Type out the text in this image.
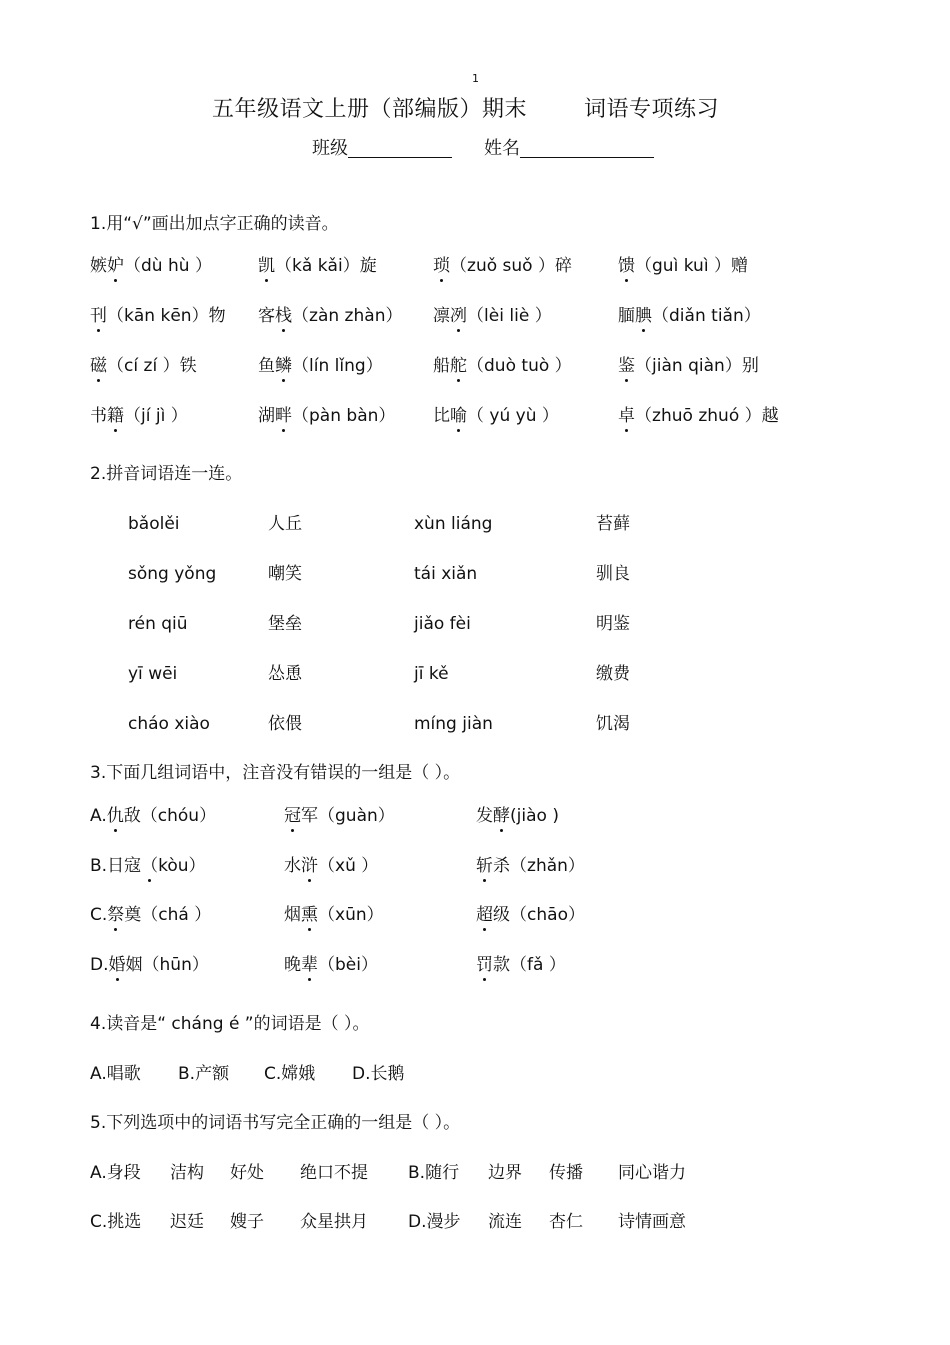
1
五年级语文上册（部编版）期末	词语专项练习
班级	姓名
1.用“√”画出加点字正确的读音。
嫉妒（dù hù ）	凯（kǎ kǎi）旋	琐（zuǒ suǒ ）碎	馈（guì kuì ）赠
刊（kān kēn）物 客栈（zàn zhàn） 凛冽（lèi liè ）	腼腆（diǎn tiǎn）
磁（cí zí ）铁	鱼鳞（lín lǐng）	船舵（duò tuò ）	鉴（jiàn qiàn）别
书籍（jí jì ）	湖畔（pàn bàn） 比喻（ yú yù ）	卓（zhuō zhuó ）越
2.拼音词语连一连。
bǎolěi	人丘	xùn liáng	苔藓
sǒng yǒng	嘲笑	tái xiǎn	驯良
rén qiū	堡垒	jiǎo fèi	明鉴
yī wēi	怂恿	jī kě	缴费
cháo xiào	依偎	míng jiàn	饥渴
3.下面几组词语中，注音没有错误的一组是（ ）。
A.仇敌（chóu）	冠军（guàn）	发酵(jiào )
B.日寇（kòu）	水浒（xǔ ）	斩杀（zhǎn）
C.祭奠（chá ）	烟熏（xūn）	超级（chāo）
D.婚姻（hūn）	晚辈（bèi）	罚款（fǎ ）
4.读音是“ cháng é ”的词语是（ ）。
A.唱歌 B.产额 C.嫦娥 D.长鹅
5.下列选项中的词语书写完全正确的一组是（ ）。
A.身段 洁构 好处 绝口不提 B.随行 边界 传播 同心谐力
C.挑选 迟廷 嫂子 众星拱月 D.漫步 流连 杏仁 诗情画意
